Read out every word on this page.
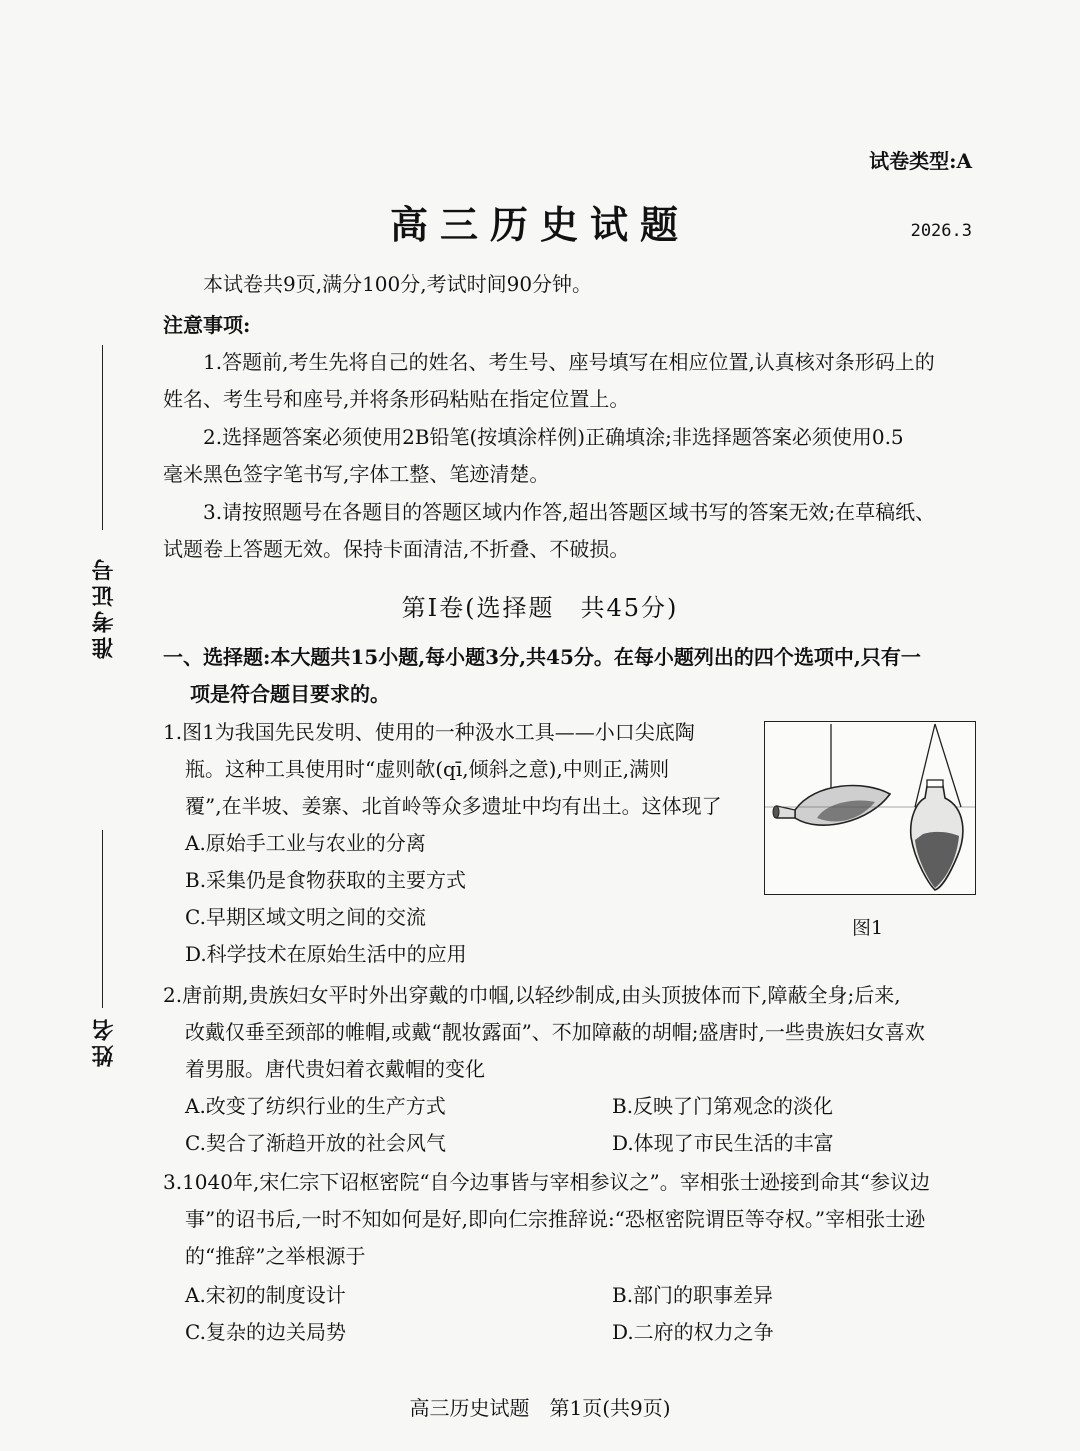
准考证号
姓名
试卷类型:A
高三历史试题	2026.3
本试卷共9页,满分100分,考试时间90分钟。
注意事项:
1.答题前,考生先将自己的姓名、考生号、座号填写在相应位置,认真核对条形码上的
姓名、考生号和座号,并将条形码粘贴在指定位置上。
2.选择题答案必须使用2B铅笔(按填涂样例)正确填涂;非选择题答案必须使用0.5
毫米黑色签字笔书写,字体工整、笔迹清楚。
3.请按照题号在各题目的答题区域内作答,超出答题区域书写的答案无效;在草稿纸、
试题卷上答题无效。保持卡面清洁,不折叠、不破损。
第Ⅰ卷(选择题　共45分)
一、选择题:本大题共15小题,每小题3分,共45分。在每小题列出的四个选项中,只有一
项是符合题目要求的。
1.图1为我国先民发明、使用的一种汲水工具——小口尖底陶
瓶。这种工具使用时“虚则欹(qī,倾斜之意),中则正,满则
覆”,在半坡、姜寨、北首岭等众多遗址中均有出土。这体现了
A.原始手工业与农业的分离
B.采集仍是食物获取的主要方式
C.早期区域文明之间的交流
D.科学技术在原始生活中的应用
图1
2.唐前期,贵族妇女平时外出穿戴的巾帼,以轻纱制成,由头顶披体而下,障蔽全身;后来,
改戴仅垂至颈部的帷帽,或戴“靓妆露面”、不加障蔽的胡帽;盛唐时,一些贵族妇女喜欢
着男服。唐代贵妇着衣戴帽的变化
A.改变了纺织行业的生产方式	B.反映了门第观念的淡化
C.契合了渐趋开放的社会风气	D.体现了市民生活的丰富
3.1040年,宋仁宗下诏枢密院“自今边事皆与宰相参议之”。宰相张士逊接到命其“参议边
事”的诏书后,一时不知如何是好,即向仁宗推辞说:“恐枢密院谓臣等夺权。”宰相张士逊
的“推辞”之举根源于
A.宋初的制度设计	B.部门的职事差异
C.复杂的边关局势	D.二府的权力之争
高三历史试题　第1页(共9页)
